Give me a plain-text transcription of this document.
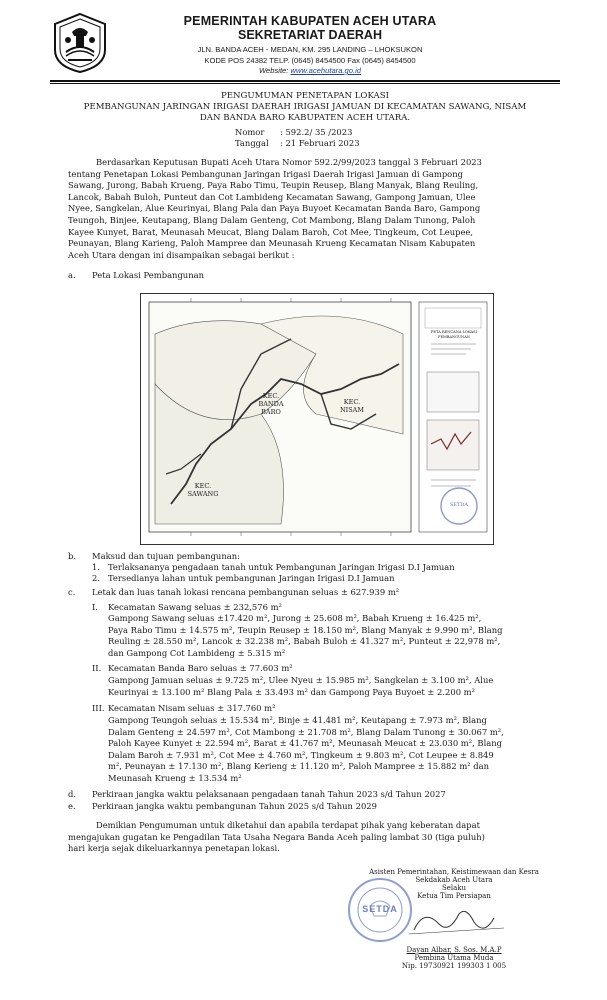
PEMERINTAH KABUPATEN ACEH UTARA
SEKRETARIAT DAERAH
JLN. BANDA ACEH - MEDAN, KM. 295 LANDING – LHOKSUKON
KODE POS 24382 TELP. (0645) 8454500 Fax (0645) 8454500
Website: www.acehutara.go.id
PENGUMUMAN PENETAPAN LOKASI
PEMBANGUNAN JARINGAN IRIGASI DAERAH IRIGASI JAMUAN DI KECAMATAN SAWANG, NISAM
DAN BANDA BARO KABUPATEN ACEH UTARA.
Nomor : 592.2/ 35 /2023
Tanggal : 21 Februari 2023
Berdasarkan Keputusan Bupati Aceh Utara Nomor 592.2/99/2023 tanggal 3 Februari 2023
tentang Penetapan Lokasi Pembangunan Jaringan Irigasi Daerah Irigasi Jamuan di Gampong
Sawang, Jurong, Babah Krueng, Paya Rabo Timu, Teupin Reusep, Blang Manyak, Blang Reuling,
Lancok, Babah Buloh, Punteut dan Cot Lambideng Kecamatan Sawang, Gampong Jamuan, Ulee
Nyee, Sangkelan, Alue Keurinyai, Blang Pala dan Paya Buyoet Kecamatan Banda Baro, Gampong
Teungoh, Binjee, Keutapang, Blang Dalam Genteng, Cot Mambong, Blang Dalam Tunong, Paloh
Kayee Kunyet, Barat, Meunasah Meucat, Blang Dalam Baroh, Cot Mee, Tingkeum, Cot Leupee,
Peunayan, Blang Karieng, Paloh Mampree dan Meunasah Krueng Kecamatan Nisam Kabupaten
Aceh Utara dengan ini disampaikan sebagai berikut :
a. Peta Lokasi Pembangunan
KEC. BANDA BARO
KEC. NISAM
KEC. SAWANG
PETA RENCANA LOKASI PEMBANGUNAN
SETDA
b. Maksud dan tujuan pembangunan:
1. Terlaksananya pengadaan tanah untuk Pembangunan Jaringan Irigasi D.I Jamuan
2. Tersedianya lahan untuk pembangunan Jaringan Irigasi D.I Jamuan
c. Letak dan luas tanah lokasi rencana pembangunan seluas ± 627.939 m²
I. Kecamatan Sawang seluas ± 232,576 m²
Gampong Sawang seluas ±17.420 m², Jurong ± 25.608 m², Babah Krueng ± 16.425 m²,
Paya Rabo Timu ± 14.575 m², Teupin Reusep ± 18.150 m², Blang Manyak ± 9.990 m², Blang
Reuling ± 28.550 m², Lancok ± 32.238 m², Babah Buloh ± 41.327 m², Punteut ± 22,978 m²,
dan Gampong Cot Lambideng ± 5.315 m²
II. Kecamatan Banda Baro seluas ± 77.603 m²
Gampong Jamuan seluas ± 9.725 m², Ulee Nyeu ± 15.985 m², Sangkelan ± 3.100 m², Alue
Keurinyai ± 13.100 m² Blang Pala ± 33.493 m² dan Gampong Paya Buyoet ± 2.200 m²
III. Kecamatan Nisam seluas ± 317.760 m²
Gampong Teungoh seluas ± 15.534 m², Binje ± 41.481 m², Keutapang ± 7.973 m², Blang
Dalam Genteng ± 24.597 m², Cot Mambong ± 21.708 m², Blang Dalam Tunong ± 30.067 m²,
Paloh Kayee Kunyet ± 22.594 m², Barat ± 41.767 m², Meunasah Meucat ± 23.030 m², Blang
Dalam Baroh ± 7.931 m², Cot Mee ± 4.760 m², Tingkeum ± 9.803 m², Cot Leupee ± 8.849
m², Peunayan ± 17.130 m², Blang Kerieng ± 11.120 m², Paloh Mampree ± 15.882 m² dan
Meunasah Krueng ± 13.534 m²
d. Perkiraan jangka waktu pelaksanaan pengadaan tanah Tahun 2023 s/d Tahun 2027
e. Perkiraan jangka waktu pembangunan Tahun 2025 s/d Tahun 2029
Demikian Pengumuman untuk diketahui dan apabila terdapat pihak yang keberatan dapat
mengajukan gugatan ke Pengadilan Tata Usaha Negara Banda Aceh paling lambat 30 (tiga puluh)
hari kerja sejak dikeluarkannya penetapan lokasi.
Asisten Pemerintahan, Keistimewaan dan Kesra
Sekdakab Aceh Utara
Selaku
Ketua Tim Persiapan
Dayan Albar, S. Sos. M.A.P
Pembina Utama Muda
Nip. 19730921 199303 1 005
SETDA
